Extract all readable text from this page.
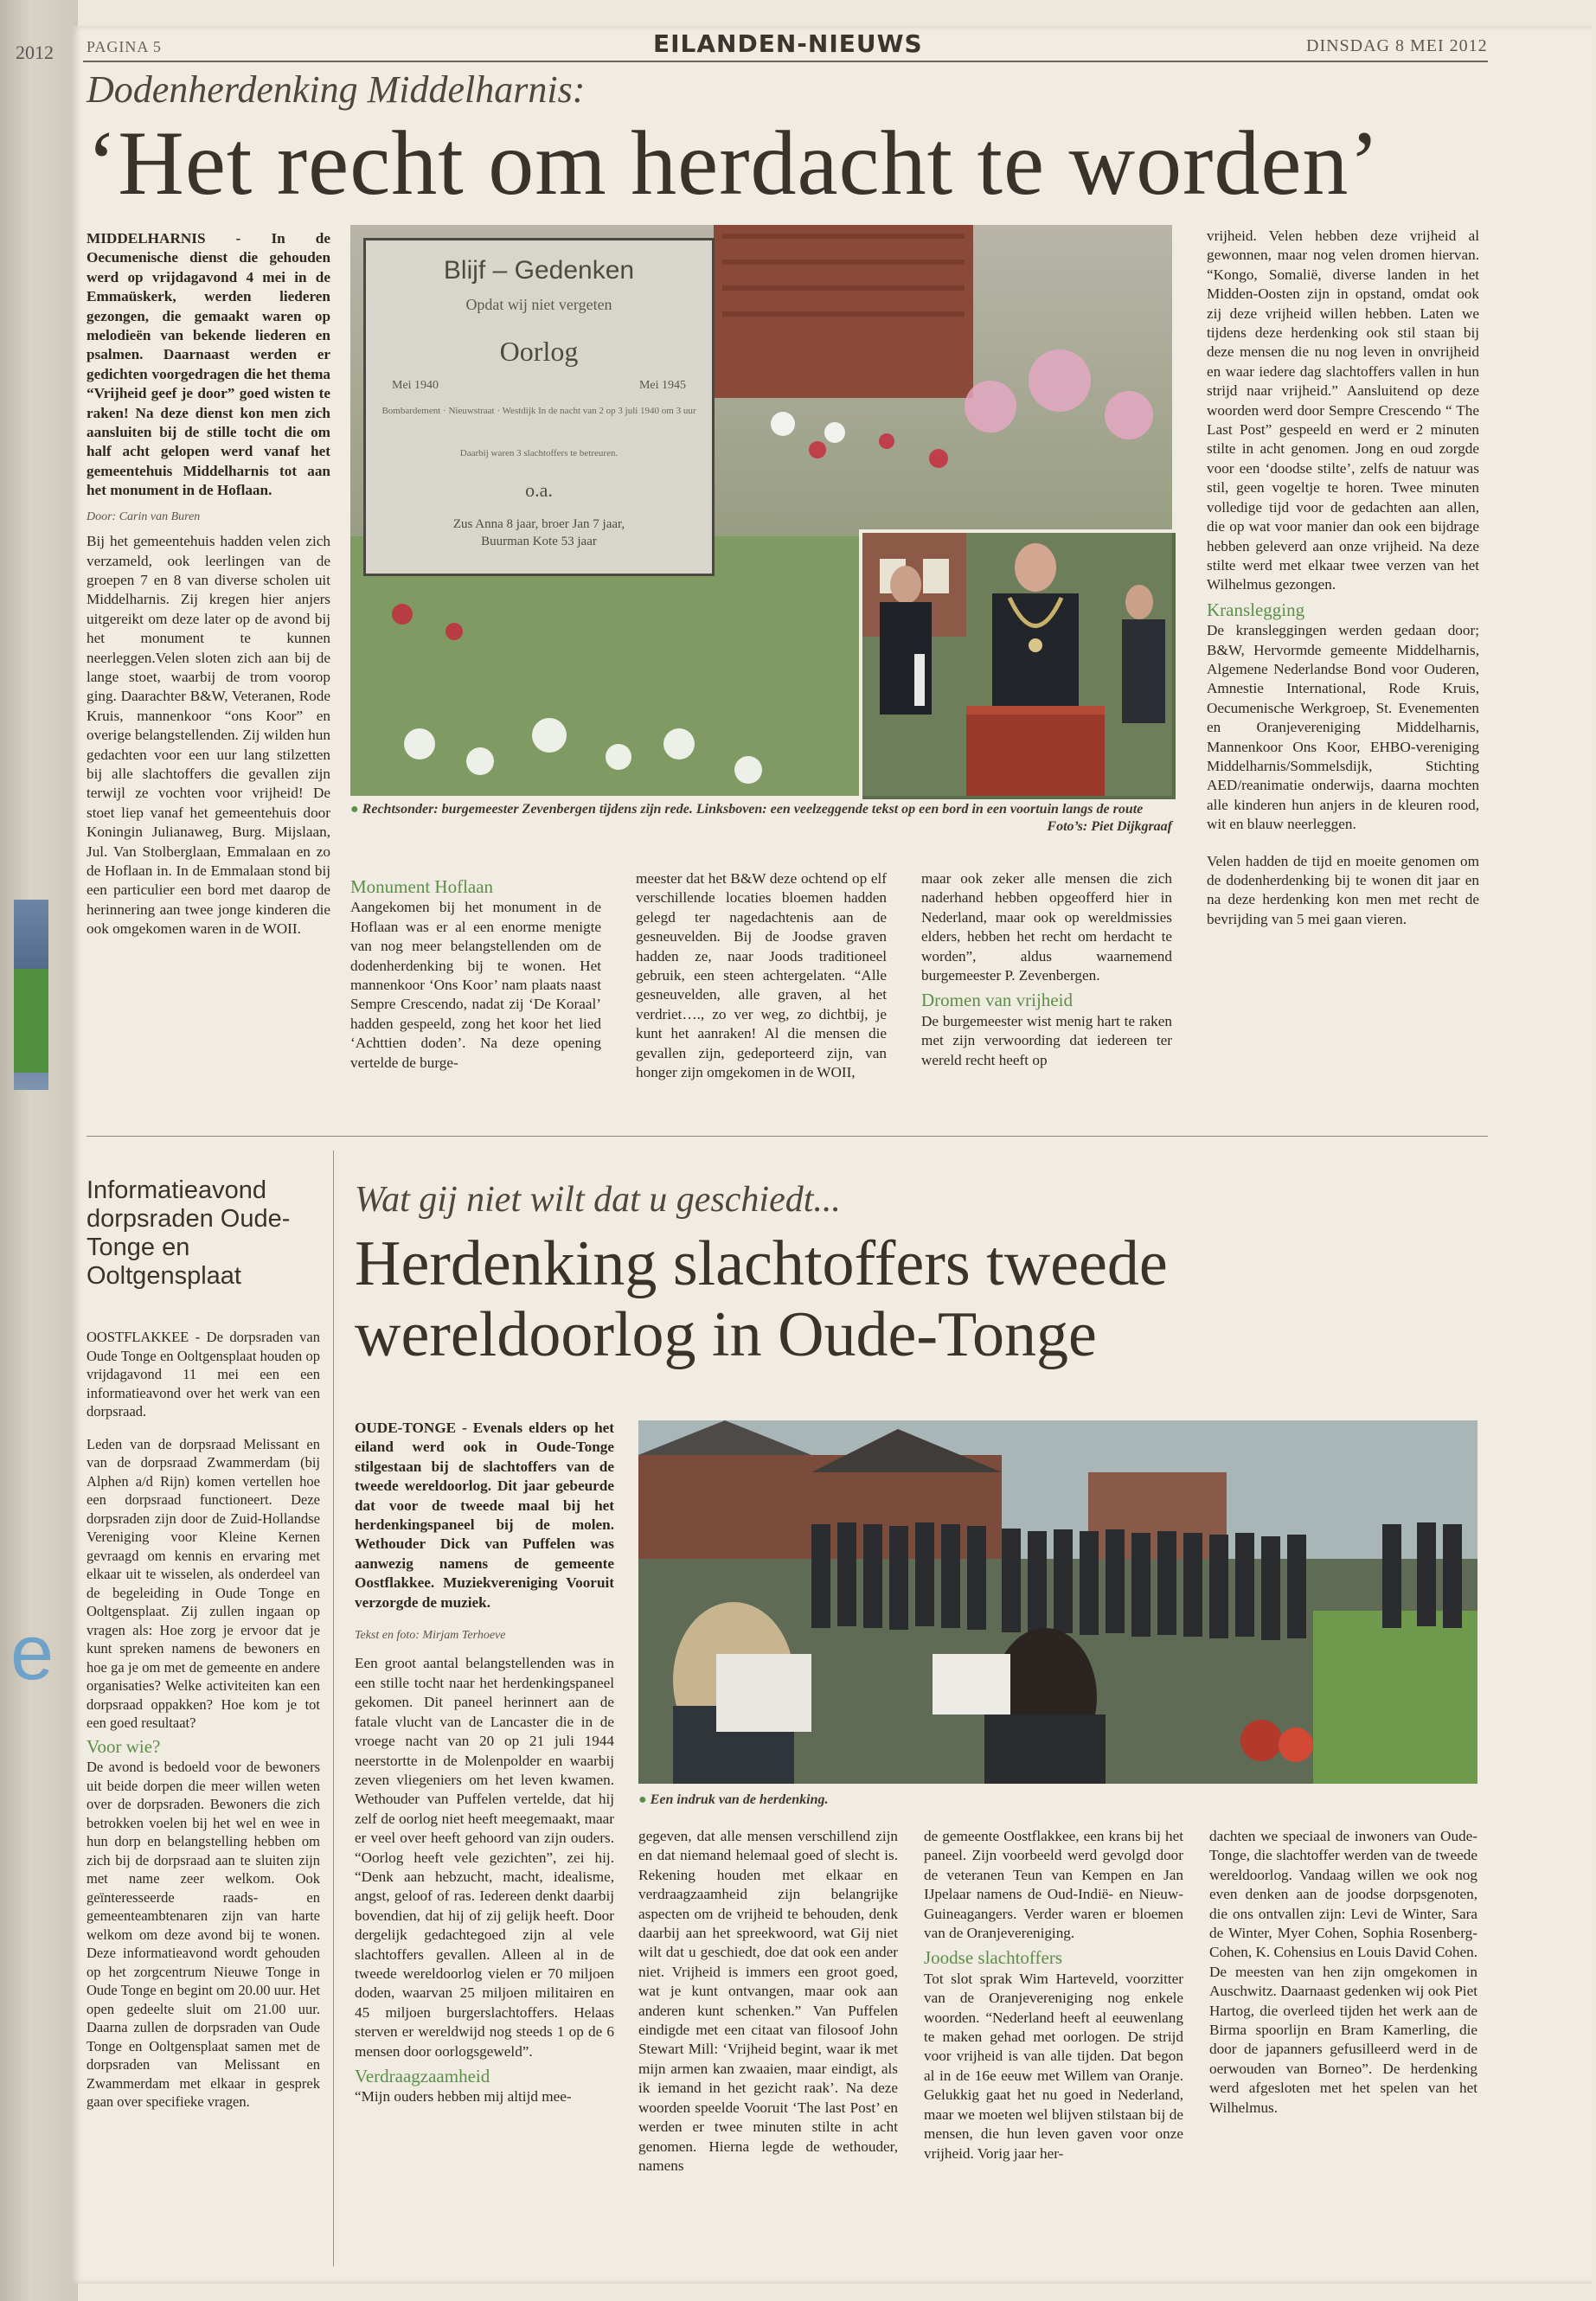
2012
e
PAGINA 5	EILANDEN-NIEUWS	DINSDAG 8 MEI 2012
Dodenherdenking Middelharnis:
‘Het recht om herdacht te worden’

MIDDELHARNIS - In de Oecumenische dienst die gehouden werd op vrijdagavond 4 mei in de Emmaüskerk, werden liederen gezongen, die gemaakt waren op melodieën van bekende liederen en psalmen. Daarnaast werden er gedichten voorgedragen die het thema “Vrijheid geef je door” goed wisten te raken! Na deze dienst kon men zich aansluiten bij de stille tocht die om half acht gelopen werd vanaf het gemeentehuis Middelharnis tot aan het monument in de Hoflaan.

Door: Carin van Buren

Bij het gemeentehuis hadden velen zich verzameld, ook leerlingen van de groepen 7 en 8 van diverse scholen uit Middelharnis. Zij kregen hier anjers uitgereikt om deze later op de avond bij het monument te kunnen neerleggen.Velen sloten zich aan bij de lange stoet, waarbij de trom voorop ging. Daarachter B&W, Veteranen, Rode Kruis, mannenkoor “ons Koor” en overige belangstellenden. Zij wilden hun gedachten voor een uur lang stilzetten bij alle slachtoffers die gevallen zijn terwijl ze vochten voor vrijheid! De stoet liep vanaf het gemeentehuis door Koningin Julianaweg, Burg. Mijslaan, Jul. Van Stolberglaan, Emmalaan en zo de Hoflaan in. In de Emmalaan stond bij een particulier een bord met daarop de herinnering aan twee jonge kinderen die ook omgekomen waren in de WOII.

Blijf – Gedenken
Opdat wij niet vergeten
Oorlog
Mei 1940	Mei 1945
Bombardement · Nieuwstraat · Westdijk In de nacht van 2 op 3 juli 1940 om 3 uur
Daarbij waren 3 slachtoffers te betreuren.
o.a.
Zus Anna 8 jaar, broer Jan 7 jaar,
Buurman Kote 53 jaar
● Rechtsonder: burgemeester Zevenbergen tijdens zijn rede. Linksboven: een veelzeggende tekst op een bord in een voortuin langs de route
Foto’s: Piet Dijkgraaf
Monument Hoflaan

Aangekomen bij het monument in de Hoflaan was er al een enorme menigte van nog meer belangstellenden om de dodenherdenking bij te wonen. Het mannenkoor ‘Ons Koor’ nam plaats naast Sempre Crescendo, nadat zij ‘De Koraal’ hadden gespeeld, zong het koor het lied ‘Achttien doden’. Na deze opening vertelde de burge-

meester dat het B&W deze ochtend op elf verschillende locaties bloemen hadden gelegd ter nagedachtenis aan de gesneuvelden. Bij de Joodse graven hadden ze, naar Joods traditioneel gebruik, een steen achtergelaten. “Alle gesneuvelden, alle graven, al het verdriet…., zo ver weg, zo dichtbij, je kunt het aanraken! Al die mensen die gevallen zijn, gedeporteerd zijn, van honger zijn omgekomen in de WOII,

maar ook zeker alle mensen die zich naderhand hebben opgeofferd hier in Nederland, maar ook op wereldmissies elders, hebben het recht om herdacht te worden”, aldus waarnemend burgemeester P. Zevenbergen.

Dromen van vrijheid

De burgemeester wist menig hart te raken met zijn verwoording dat iedereen ter wereld recht heeft op

vrijheid. Velen hebben deze vrijheid al gewonnen, maar nog velen dromen hiervan. “Kongo, Somalië, diverse landen in het Midden-Oosten zijn in opstand, omdat ook zij deze vrijheid willen hebben. Laten we tijdens deze herdenking ook stil staan bij deze mensen die nu nog leven in onvrijheid en waar iedere dag slachtoffers vallen in hun strijd naar vrijheid.” Aansluitend op deze woorden werd door Sempre Crescendo “ The Last Post” gespeeld en werd er 2 minuten stilte in acht genomen. Jong en oud zorgde voor een ‘doodse stilte’, zelfs de natuur was stil, geen vogeltje te horen. Twee minuten volledige tijd voor de gedachten aan allen, die op wat voor manier dan ook een bijdrage hebben geleverd aan onze vrijheid. Na deze stilte werd met elkaar twee verzen van het Wilhelmus gezongen.

Kranslegging

De kransleggingen werden gedaan door; B&W, Hervormde gemeente Middelharnis, Algemene Nederlandse Bond voor Ouderen, Amnestie International, Rode Kruis, Oecumenische Werkgroep, St. Evenementen en Oranjevereniging Middelharnis, Mannenkoor Ons Koor, EHBO-vereniging Middelharnis/Sommelsdijk, Stichting AED/reanimatie onderwijs, daarna mochten alle kinderen hun anjers in de kleuren rood, wit en blauw neerleggen.

Velen hadden de tijd en moeite genomen om de dodenherdenking bij te wonen dit jaar en na deze herdenking kon men met recht de bevrijding van 5 mei gaan vieren.

Informatieavond dorpsraden Oude-Tonge en Ooltgensplaat

OOSTFLAKKEE - De dorpsraden van Oude Tonge en Ooltgensplaat houden op vrijdagavond 11 mei een een informatieavond over het werk van een dorpsraad.

Leden van de dorpsraad Melissant en van de dorpsraad Zwammerdam (bij Alphen a/d Rijn) komen vertellen hoe een dorpsraad functioneert. Deze dorpsraden zijn door de Zuid-Hollandse Vereniging voor Kleine Kernen gevraagd om kennis en ervaring met elkaar uit te wisselen, als onderdeel van de begeleiding in Oude Tonge en Ooltgensplaat. Zij zullen ingaan op vragen als: Hoe zorg je ervoor dat je kunt spreken namens de bewoners en hoe ga je om met de gemeente en andere organisaties? Welke activiteiten kan een dorpsraad oppakken? Hoe kom je tot een goed resultaat?

Voor wie?

De avond is bedoeld voor de bewoners uit beide dorpen die meer willen weten over de dorpsraden. Bewoners die zich betrokken voelen bij het wel en wee in hun dorp en belangstelling hebben om zich bij de dorpsraad aan te sluiten zijn met name zeer welkom. Ook geïnteresseerde raads- en gemeenteambtenaren zijn van harte welkom om deze avond bij te wonen. Deze informatieavond wordt gehouden op het zorgcentrum Nieuwe Tonge in Oude Tonge en begint om 20.00 uur. Het open gedeelte sluit om 21.00 uur. Daarna zullen de dorpsraden van Oude Tonge en Ooltgensplaat samen met de dorpsraden van Melissant en Zwammerdam met elkaar in gesprek gaan over specifieke vragen.

Wat gij niet wilt dat u geschiedt...
Herdenking slachtoffers tweede wereldoorlog in Oude-Tonge

OUDE-TONGE - Evenals elders op het eiland werd ook in Oude-Tonge stilgestaan bij de slachtoffers van de tweede wereldoorlog. Dit jaar gebeurde dat voor de tweede maal bij het herdenkingspaneel bij de molen. Wethouder Dick van Puffelen was aanwezig namens de gemeente Oostflakkee. Muziekvereniging Vooruit verzorgde de muziek.

Tekst en foto: Mirjam Terhoeve

Een groot aantal belangstellenden was in een stille tocht naar het herdenkingspaneel gekomen. Dit paneel herinnert aan de fatale vlucht van de Lancaster die in de vroege nacht van 20 op 21 juli 1944 neerstortte in de Molenpolder en waarbij zeven vliegeniers om het leven kwamen. Wethouder van Puffelen vertelde, dat hij zelf de oorlog niet heeft meegemaakt, maar er veel over heeft gehoord van zijn ouders. “Oorlog heeft vele gezichten”, zei hij. “Denk aan hebzucht, macht, idealisme, angst, geloof of ras. Iedereen denkt daarbij bovendien, dat hij of zij gelijk heeft. Door dergelijk gedachtegoed zijn al vele slachtoffers gevallen. Alleen al in de tweede wereldoorlog vielen er 70 miljoen doden, waarvan 25 miljoen militairen en 45 miljoen burgerslachtoffers. Helaas sterven er wereldwijd nog steeds 1 op de 6 mensen door oorlogsgeweld”.

Verdraagzaamheid

“Mijn ouders hebben mij altijd mee-

● Een indruk van de herdenking.

gegeven, dat alle mensen verschillend zijn en dat niemand helemaal goed of slecht is. Rekening houden met elkaar en verdraagzaamheid zijn belangrijke aspecten om de vrijheid te behouden, denk daarbij aan het spreekwoord, wat Gij niet wilt dat u geschiedt, doe dat ook een ander niet. Vrijheid is immers een groot goed, wat je kunt ontvangen, maar ook aan anderen kunt schenken.” Van Puffelen eindigde met een citaat van filosoof John Stewart Mill: ‘Vrijheid begint, waar ik met mijn armen kan zwaaien, maar eindigt, als ik iemand in het gezicht raak’. Na deze woorden speelde Vooruit ‘The last Post’ en werden er twee minuten stilte in acht genomen. Hierna legde de wethouder, namens

de gemeente Oostflakkee, een krans bij het paneel. Zijn voorbeeld werd gevolgd door de veteranen Teun van Kempen en Jan IJpelaar namens de Oud-Indië- en Nieuw- Guineagangers. Verder waren er bloemen van de Oranjevereniging.

Joodse slachtoffers

Tot slot sprak Wim Harteveld, voorzitter van de Oranjevereniging nog enkele woorden. “Nederland heeft al eeuwenlang te maken gehad met oorlogen. De strijd voor vrijheid is van alle tijden. Dat begon al in de 16e eeuw met Willem van Oranje. Gelukkig gaat het nu goed in Nederland, maar we moeten wel blijven stilstaan bij de mensen, die hun leven gaven voor onze vrijheid. Vorig jaar her-

dachten we speciaal de inwoners van Oude-Tonge, die slachtoffer werden van de tweede wereldoorlog. Vandaag willen we ook nog even denken aan de joodse dorpsgenoten, die ons ontvallen zijn: Levi de Winter, Sara de Winter, Myer Cohen, Sophia Rosenberg-Cohen, K. Cohensius en Louis David Cohen. De meesten van hen zijn omgekomen in Auschwitz. Daarnaast gedenken wij ook Piet Hartog, die overleed tijden het werk aan de Birma spoorlijn en Bram Kamerling, die door de japanners gefusilleerd werd in de oerwouden van Borneo”. De herdenking werd afgesloten met het spelen van het Wilhelmus.
